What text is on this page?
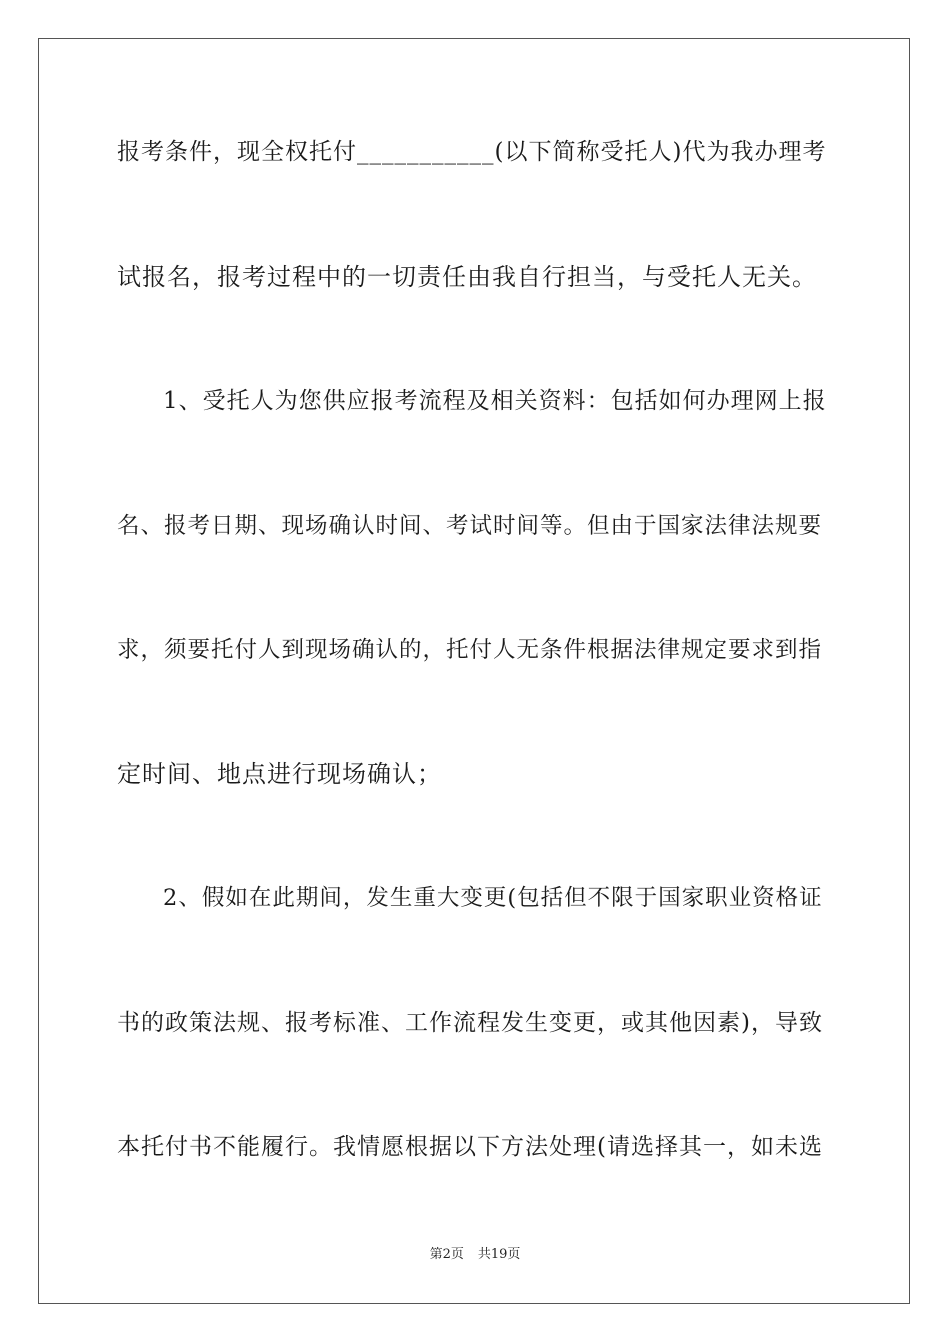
报考条件，现全权托付___________(以下简称受托人)代为我办理考
试报名，报考过程中的一切责任由我自行担当，与受托人无关。
1、受托人为您供应报考流程及相关资料：包括如何办理网上报
名、报考日期、现场确认时间、考试时间等。但由于国家法律法规要
求，须要托付人到现场确认的，托付人无条件根据法律规定要求到指
定时间、地点进行现场确认；
2、假如在此期间，发生重大变更(包括但不限于国家职业资格证
书的政策法规、报考标准、工作流程发生变更，或其他因素)，导致
本托付书不能履行。我情愿根据以下方法处理(请选择其一，如未选
第2页 共19页
